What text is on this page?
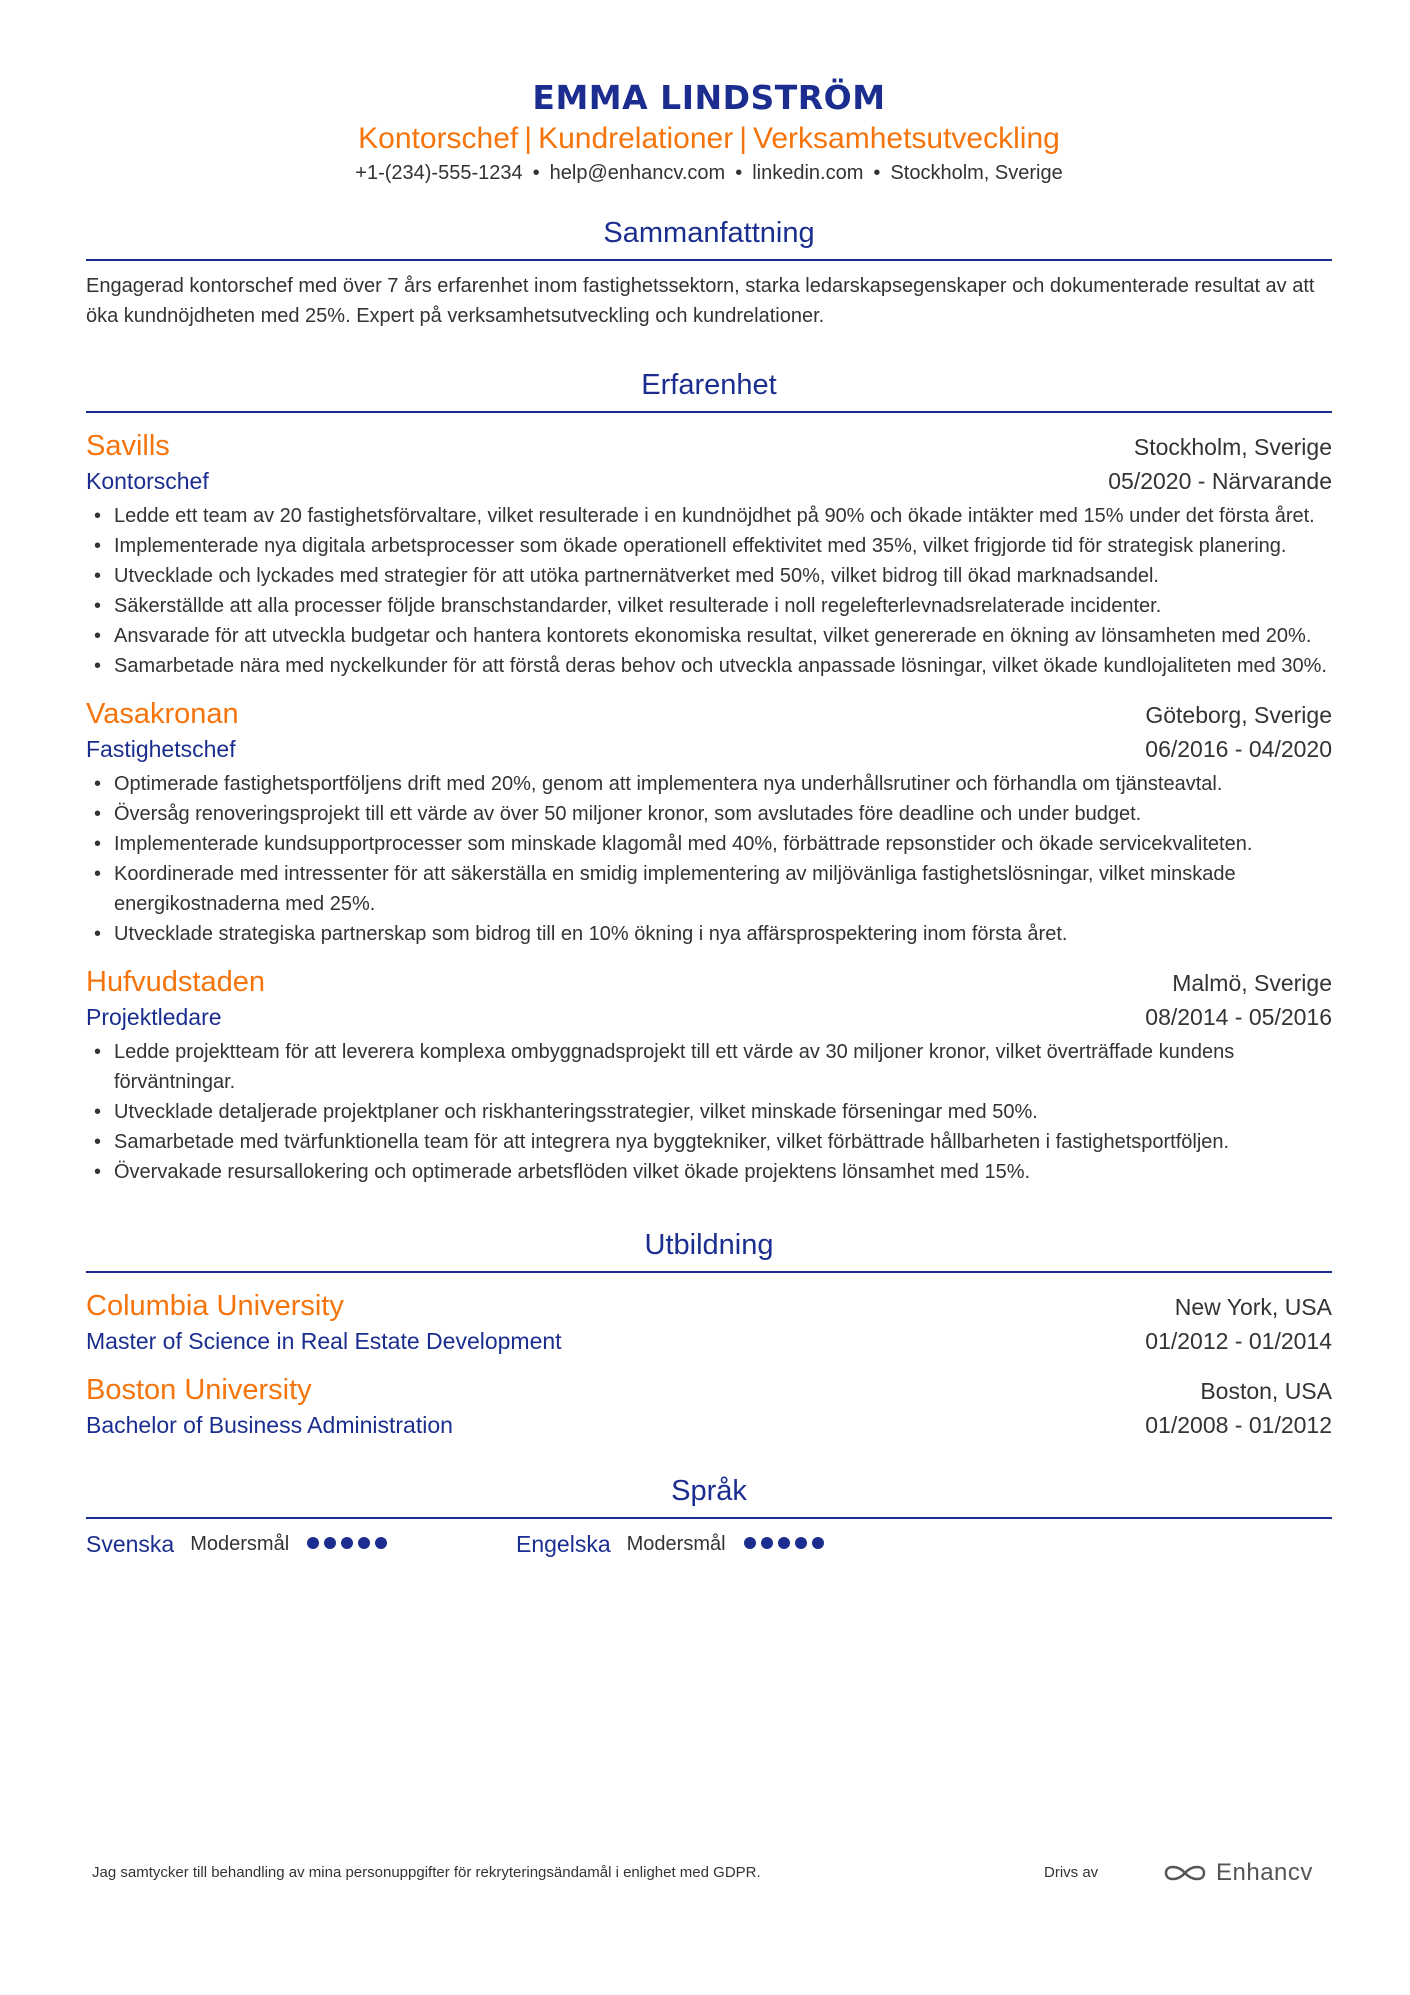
EMMA LINDSTRÖM
Kontorschef | Kundrelationer | Verksamhetsutveckling
+1-(234)-555-1234 • help@enhancv.com • linkedin.com • Stockholm, Sverige
Sammanfattning
Engagerad kontorschef med över 7 års erfarenhet inom fastighetssektorn, starka ledarskapsegenskaper och dokumenterade resultat av att öka kundnöjdheten med 25%. Expert på verksamhetsutveckling och kundrelationer.
Erfarenhet
Savills	Stockholm, Sverige
Kontorschef	05/2020 - Närvarande
• Ledde ett team av 20 fastighetsförvaltare, vilket resulterade i en kundnöjdhet på 90% och ökade intäkter med 15% under det första året.
• Implementerade nya digitala arbetsprocesser som ökade operationell effektivitet med 35%, vilket frigjorde tid för strategisk planering.
• Utvecklade och lyckades med strategier för att utöka partnernätverket med 50%, vilket bidrog till ökad marknadsandel.
• Säkerställde att alla processer följde branschstandarder, vilket resulterade i noll regelefterlevnadsrelaterade incidenter.
• Ansvarade för att utveckla budgetar och hantera kontorets ekonomiska resultat, vilket genererade en ökning av lönsamheten med 20%.
• Samarbetade nära med nyckelkunder för att förstå deras behov och utveckla anpassade lösningar, vilket ökade kundlojaliteten med 30%.
Vasakronan	Göteborg, Sverige
Fastighetschef	06/2016 - 04/2020
• Optimerade fastighetsportföljens drift med 20%, genom att implementera nya underhållsrutiner och förhandla om tjänsteavtal.
• Översåg renoveringsprojekt till ett värde av över 50 miljoner kronor, som avslutades före deadline och under budget.
• Implementerade kundsupportprocesser som minskade klagomål med 40%, förbättrade repsonstider och ökade servicekvaliteten.
• Koordinerade med intressenter för att säkerställa en smidig implementering av miljövänliga fastighetslösningar, vilket minskade energikostnaderna med 25%.
• Utvecklade strategiska partnerskap som bidrog till en 10% ökning i nya affärsprospektering inom första året.
Hufvudstaden	Malmö, Sverige
Projektledare	08/2014 - 05/2016
• Ledde projektteam för att leverera komplexa ombyggnadsprojekt till ett värde av 30 miljoner kronor, vilket överträffade kundens förväntningar.
• Utvecklade detaljerade projektplaner och riskhanteringsstrategier, vilket minskade förseningar med 50%.
• Samarbetade med tvärfunktionella team för att integrera nya byggtekniker, vilket förbättrade hållbarheten i fastighetsportföljen.
• Övervakade resursallokering och optimerade arbetsflöden vilket ökade projektens lönsamhet med 15%.
Utbildning
Columbia University	New York, USA
Master of Science in Real Estate Development	01/2012 - 01/2014
Boston University	Boston, USA
Bachelor of Business Administration	01/2008 - 01/2012
Språk
Svenska Modersmål	Engelska Modersmål
Jag samtycker till behandling av mina personuppgifter för rekryteringsändamål i enlighet med GDPR.	Drivs av	Enhancv
